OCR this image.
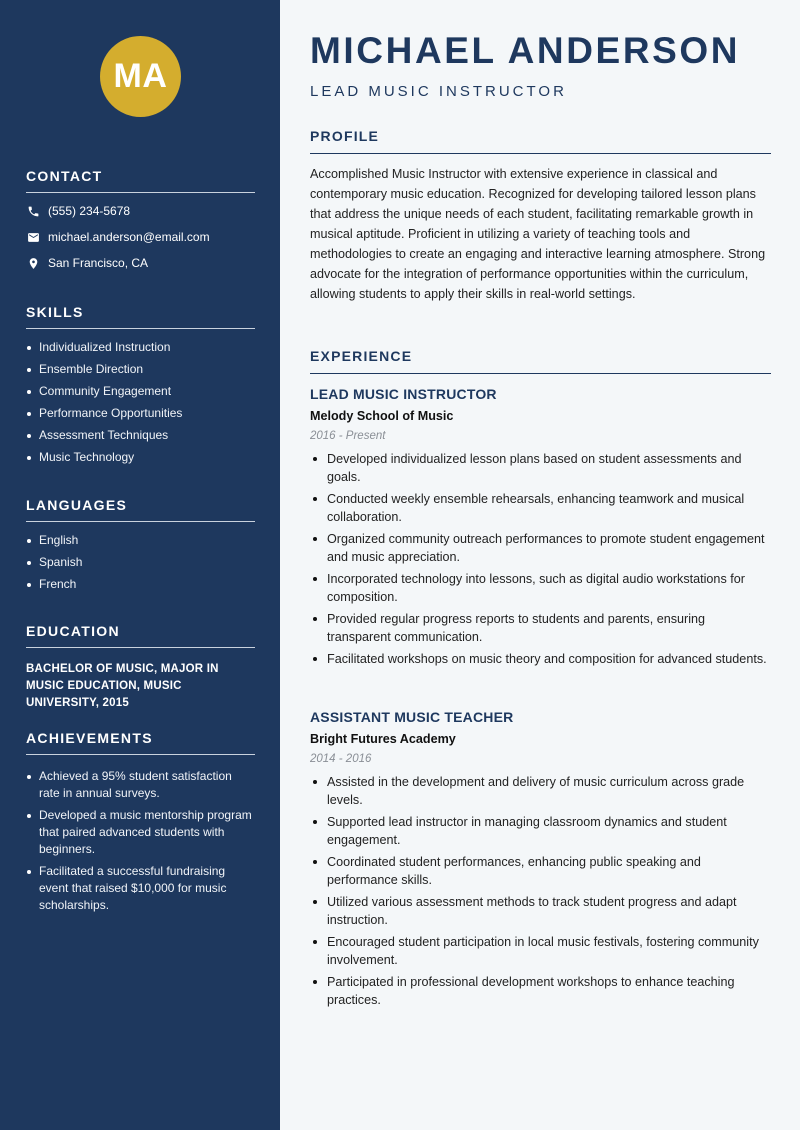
MA
CONTACT
(555) 234-5678
michael.anderson@email.com
San Francisco, CA
SKILLS
Individualized Instruction
Ensemble Direction
Community Engagement
Performance Opportunities
Assessment Techniques
Music Technology
LANGUAGES
English
Spanish
French
EDUCATION
BACHELOR OF MUSIC, MAJOR IN MUSIC EDUCATION, MUSIC UNIVERSITY, 2015
ACHIEVEMENTS
Achieved a 95% student satisfaction rate in annual surveys.
Developed a music mentorship program that paired advanced students with beginners.
Facilitated a successful fundraising event that raised $10,000 for music scholarships.
MICHAEL ANDERSON
LEAD MUSIC INSTRUCTOR
PROFILE
Accomplished Music Instructor with extensive experience in classical and contemporary music education. Recognized for developing tailored lesson plans that address the unique needs of each student, facilitating remarkable growth in musical aptitude. Proficient in utilizing a variety of teaching tools and methodologies to create an engaging and interactive learning atmosphere. Strong advocate for the integration of performance opportunities within the curriculum, allowing students to apply their skills in real-world settings.
EXPERIENCE
LEAD MUSIC INSTRUCTOR
Melody School of Music
2016 - Present
Developed individualized lesson plans based on student assessments and goals.
Conducted weekly ensemble rehearsals, enhancing teamwork and musical collaboration.
Organized community outreach performances to promote student engagement and music appreciation.
Incorporated technology into lessons, such as digital audio workstations for composition.
Provided regular progress reports to students and parents, ensuring transparent communication.
Facilitated workshops on music theory and composition for advanced students.
ASSISTANT MUSIC TEACHER
Bright Futures Academy
2014 - 2016
Assisted in the development and delivery of music curriculum across grade levels.
Supported lead instructor in managing classroom dynamics and student engagement.
Coordinated student performances, enhancing public speaking and performance skills.
Utilized various assessment methods to track student progress and adapt instruction.
Encouraged student participation in local music festivals, fostering community involvement.
Participated in professional development workshops to enhance teaching practices.
